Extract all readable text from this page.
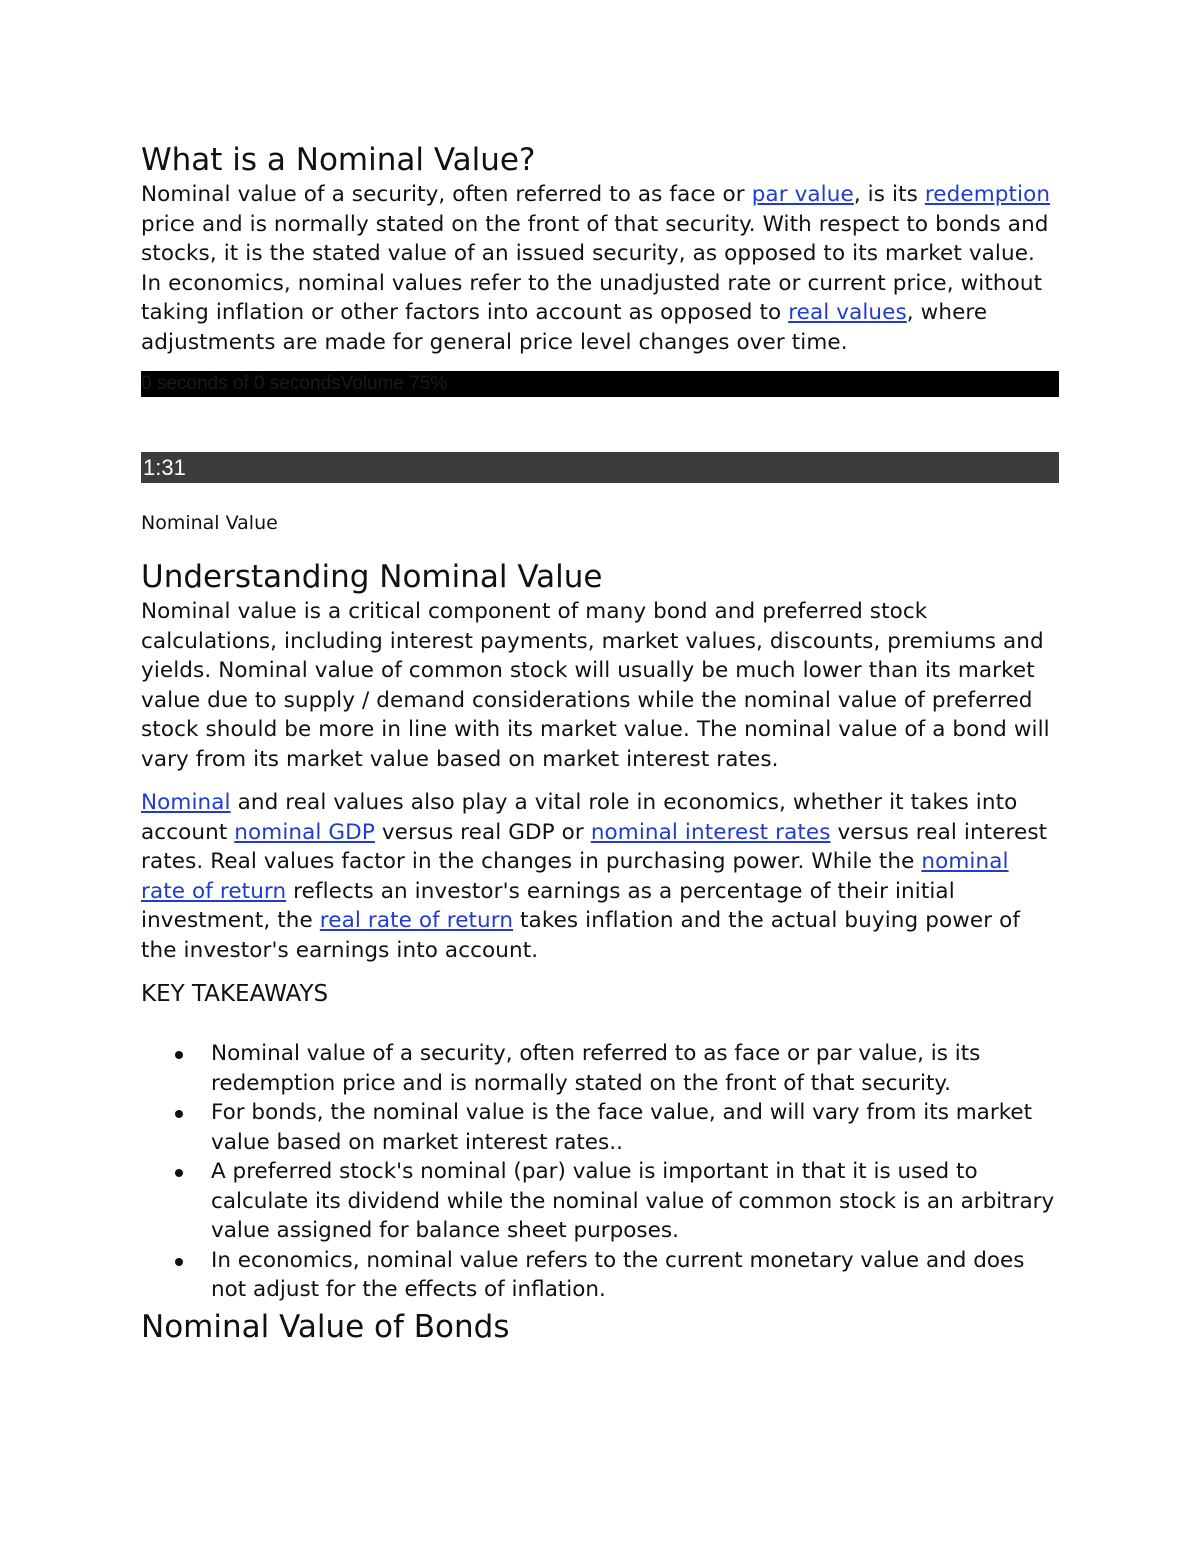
What is a Nominal Value?

Nominal value of a security, often referred to as face or par value, is its redemption price and is normally stated on the front of that security. With respect to bonds and stocks, it is the stated value of an issued security, as opposed to its market value. In economics, nominal values refer to the unadjusted rate or current price, without taking inflation or other factors into account as opposed to real values, where adjustments are made for general price level changes over time.

0 seconds of 0 secondsVolume 75%
1:31
Nominal Value
Understanding Nominal Value

Nominal value is a critical component of many bond and preferred stock calculations, including interest payments, market values, discounts, premiums and yields. Nominal value of common stock will usually be much lower than its market value due to supply / demand considerations while the nominal value of preferred stock should be more in line with its market value. The nominal value of a bond will vary from its market value based on market interest rates.

Nominal and real values also play a vital role in economics, whether it takes into account nominal GDP versus real GDP or nominal interest rates versus real interest rates. Real values factor in the changes in purchasing power. While the nominal rate of return reflects an investor's earnings as a percentage of their initial investment, the real rate of return takes inflation and the actual buying power of the investor's earnings into account.

KEY TAKEAWAYS
Nominal value of a security, often referred to as face or par value, is its redemption price and is normally stated on the front of that security.
For bonds, the nominal value is the face value, and will vary from its market value based on market interest rates..
A preferred stock's nominal (par) value is important in that it is used to calculate its dividend while the nominal value of common stock is an arbitrary value assigned for balance sheet purposes.
In economics, nominal value refers to the current monetary value and does not adjust for the effects of inflation.
Nominal Value of Bonds
